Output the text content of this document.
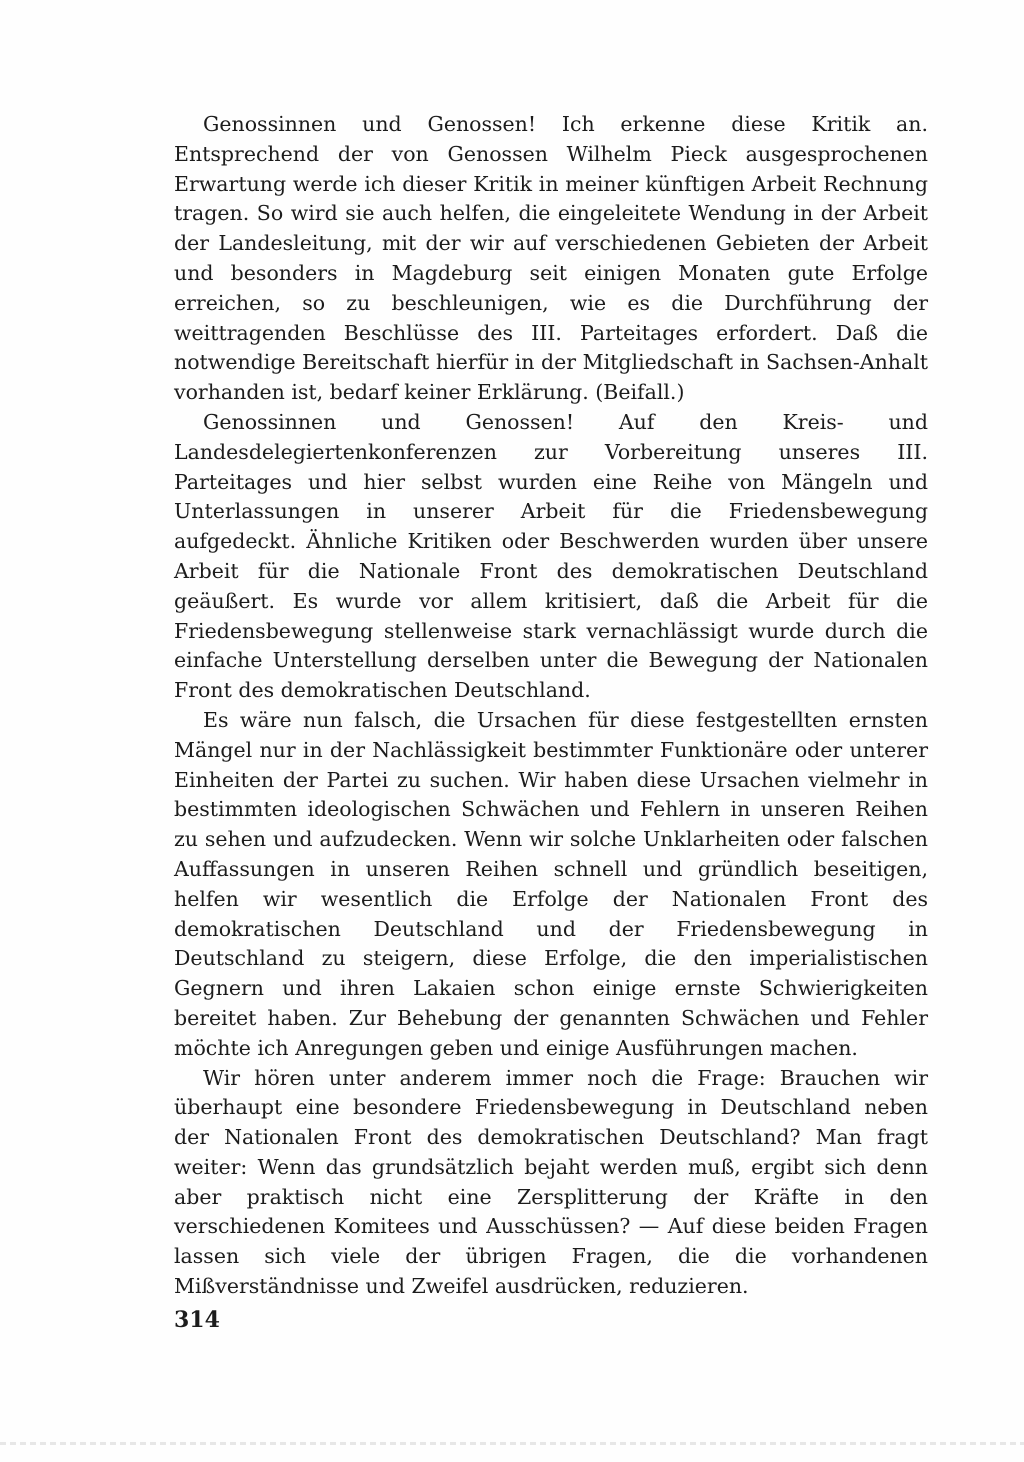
Genossinnen und Genossen! Ich erkenne diese Kritik an. Entsprechend der von Genossen Wilhelm Pieck ausgesprochenen Erwartung werde ich dieser Kritik in meiner künftigen Arbeit Rechnung tragen. So wird sie auch helfen, die eingeleitete Wendung in der Arbeit der Landesleitung, mit der wir auf verschiedenen Gebieten der Arbeit und besonders in Magdeburg seit einigen Monaten gute Erfolge erreichen, so zu beschleunigen, wie es die Durchführung der weittragenden Beschlüsse des III. Parteitages erfordert. Daß die notwendige Bereitschaft hierfür in der Mitgliedschaft in Sachsen-Anhalt vorhanden ist, bedarf keiner Erklärung. (Beifall.)

Genossinnen und Genossen! Auf den Kreis- und Landesdelegiertenkonferenzen zur Vorbereitung unseres III. Parteitages und hier selbst wurden eine Reihe von Mängeln und Unterlassungen in unserer Arbeit für die Friedensbewegung aufgedeckt. Ähnliche Kritiken oder Beschwerden wurden über unsere Arbeit für die Nationale Front des demokratischen Deutschland geäußert. Es wurde vor allem kritisiert, daß die Arbeit für die Friedensbewegung stellenweise stark vernachlässigt wurde durch die einfache Unterstellung derselben unter die Bewegung der Nationalen Front des demokratischen Deutschland.

Es wäre nun falsch, die Ursachen für diese festgestellten ernsten Mängel nur in der Nachlässigkeit bestimmter Funktionäre oder unterer Einheiten der Partei zu suchen. Wir haben diese Ursachen vielmehr in bestimmten ideologischen Schwächen und Fehlern in unseren Reihen zu sehen und aufzudecken. Wenn wir solche Unklarheiten oder falschen Auffassungen in unseren Reihen schnell und gründlich beseitigen, helfen wir wesentlich die Erfolge der Nationalen Front des demokratischen Deutschland und der Friedensbewegung in Deutschland zu steigern, diese Erfolge, die den imperialistischen Gegnern und ihren Lakaien schon einige ernste Schwierigkeiten bereitet haben. Zur Behebung der genannten Schwächen und Fehler möchte ich Anregungen geben und einige Ausführungen machen.

Wir hören unter anderem immer noch die Frage: Brauchen wir überhaupt eine besondere Friedensbewegung in Deutschland neben der Nationalen Front des demokratischen Deutschland? Man fragt weiter: Wenn das grundsätzlich bejaht werden muß, ergibt sich denn aber praktisch nicht eine Zersplitterung der Kräfte in den verschiedenen Komitees und Ausschüssen? — Auf diese beiden Fragen lassen sich viele der übrigen Fragen, die die vorhandenen Mißverständnisse und Zweifel ausdrücken, reduzieren.

314
